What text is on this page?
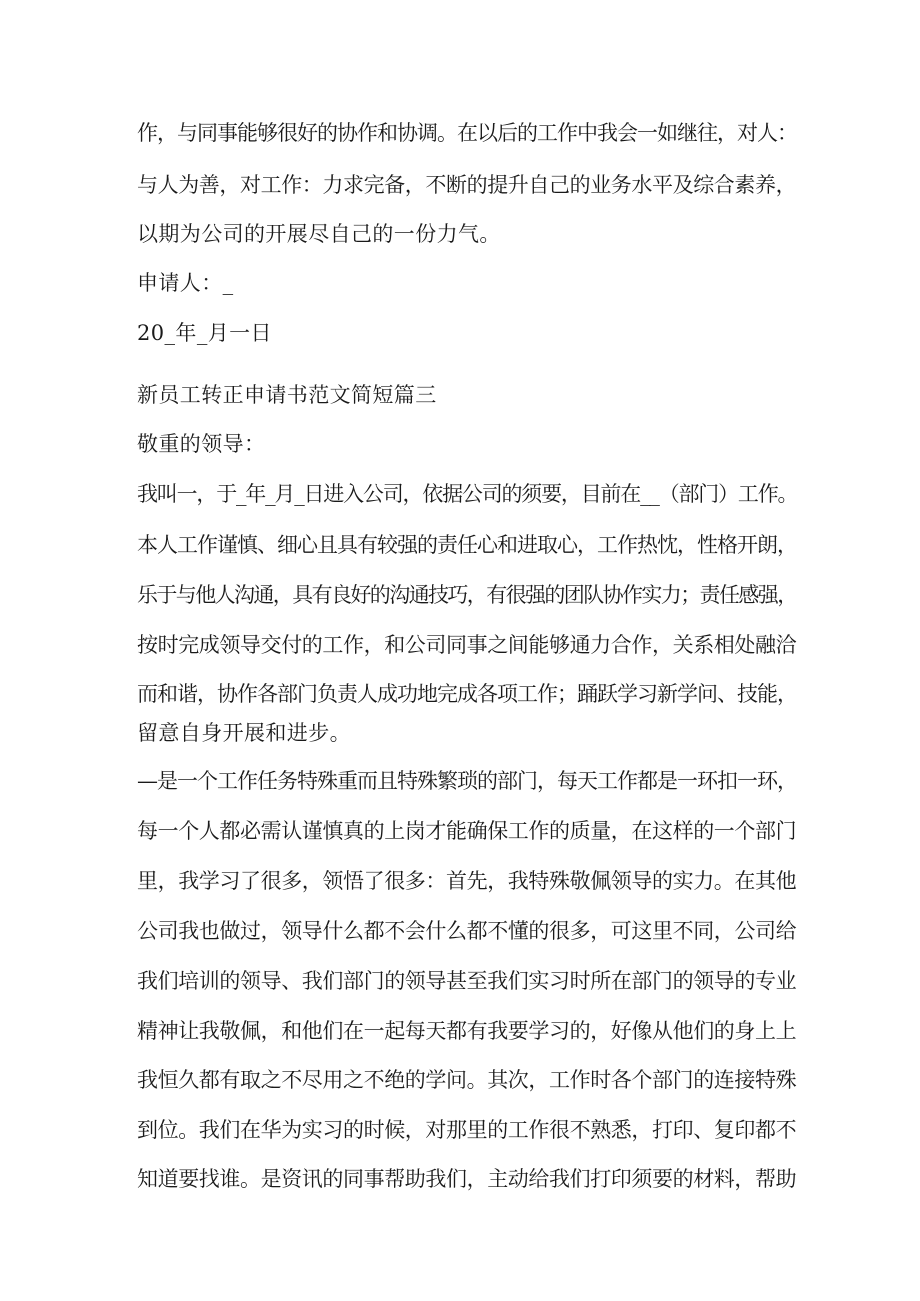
作，与同事能够很好的协作和协调。在以后的工作中我会一如继往，对人：
与人为善，对工作：力求完备，不断的提升自己的业务水平及综合素养，
以期为公司的开展尽自己的一份力气。
申请人：_
20_年_月一日
新员工转正申请书范文简短篇三
敬重的领导：
我叫一，于_年_月_日进入公司，依据公司的须要，目前在__（部门）工作。
本人工作谨慎、细心且具有较强的责任心和进取心，工作热忱，性格开朗，
乐于与他人沟通，具有良好的沟通技巧，有很强的团队协作实力；责任感强，
按时完成领导交付的工作，和公司同事之间能够通力合作，关系相处融洽
而和谐，协作各部门负责人成功地完成各项工作；踊跃学习新学问、技能，
留意自身开展和进步。
—是一个工作任务特殊重而且特殊繁琐的部门，每天工作都是一环扣一环，
每一个人都必需认谨慎真的上岗才能确保工作的质量，在这样的一个部门
里，我学习了很多，领悟了很多：首先，我特殊敬佩领导的实力。在其他
公司我也做过，领导什么都不会什么都不懂的很多，可这里不同，公司给
我们培训的领导、我们部门的领导甚至我们实习时所在部门的领导的专业
精神让我敬佩，和他们在一起每天都有我要学习的，好像从他们的身上上
我恒久都有取之不尽用之不绝的学问。其次，工作时各个部门的连接特殊
到位。我们在华为实习的时候，对那里的工作很不熟悉，打印、复印都不
知道要找谁。是资讯的同事帮助我们，主动给我们打印须要的材料，帮助
